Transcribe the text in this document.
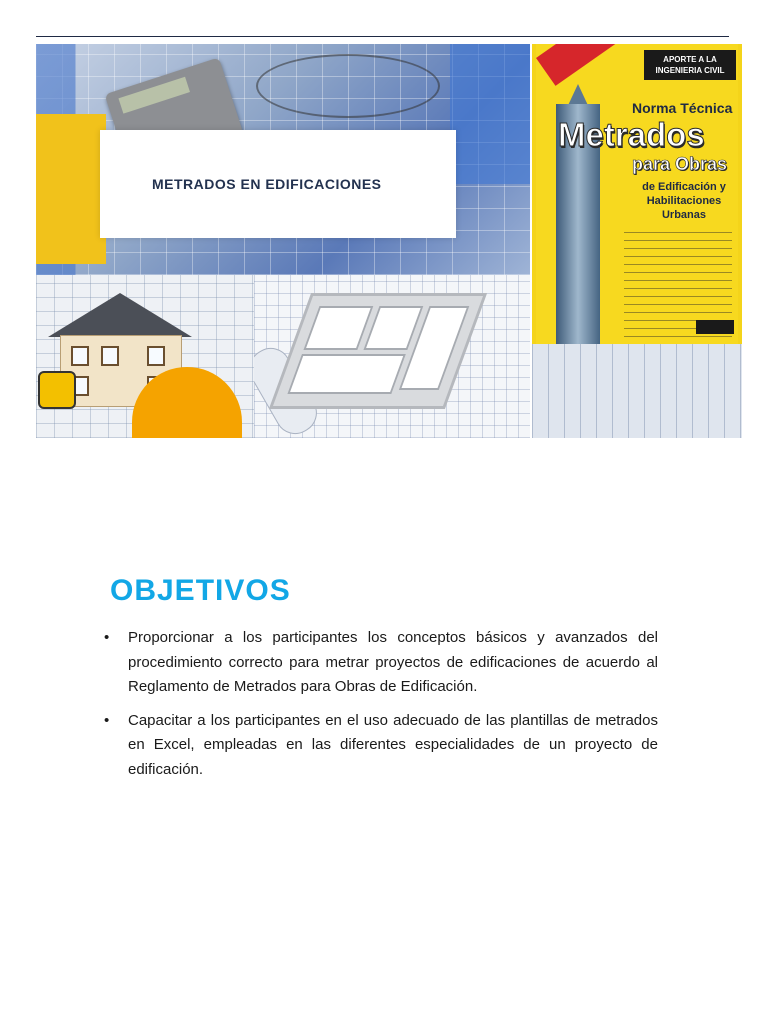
METRADOS EN EDIFICACIONES
APORTE A LA INGENIERIA CIVIL
Norma Técnica
Metrados
para Obras
de Edificación y Habilitaciones Urbanas
OBJETIVOS
• Proporcionar a los participantes los conceptos básicos y avanzados del procedimiento correcto para metrar proyectos de edificaciones de acuerdo al Reglamento de Metrados para Obras de Edificación.
• Capacitar a los participantes en el uso adecuado de las plantillas de metrados en Excel, empleadas en las diferentes especialidades de un proyecto de edificación.
